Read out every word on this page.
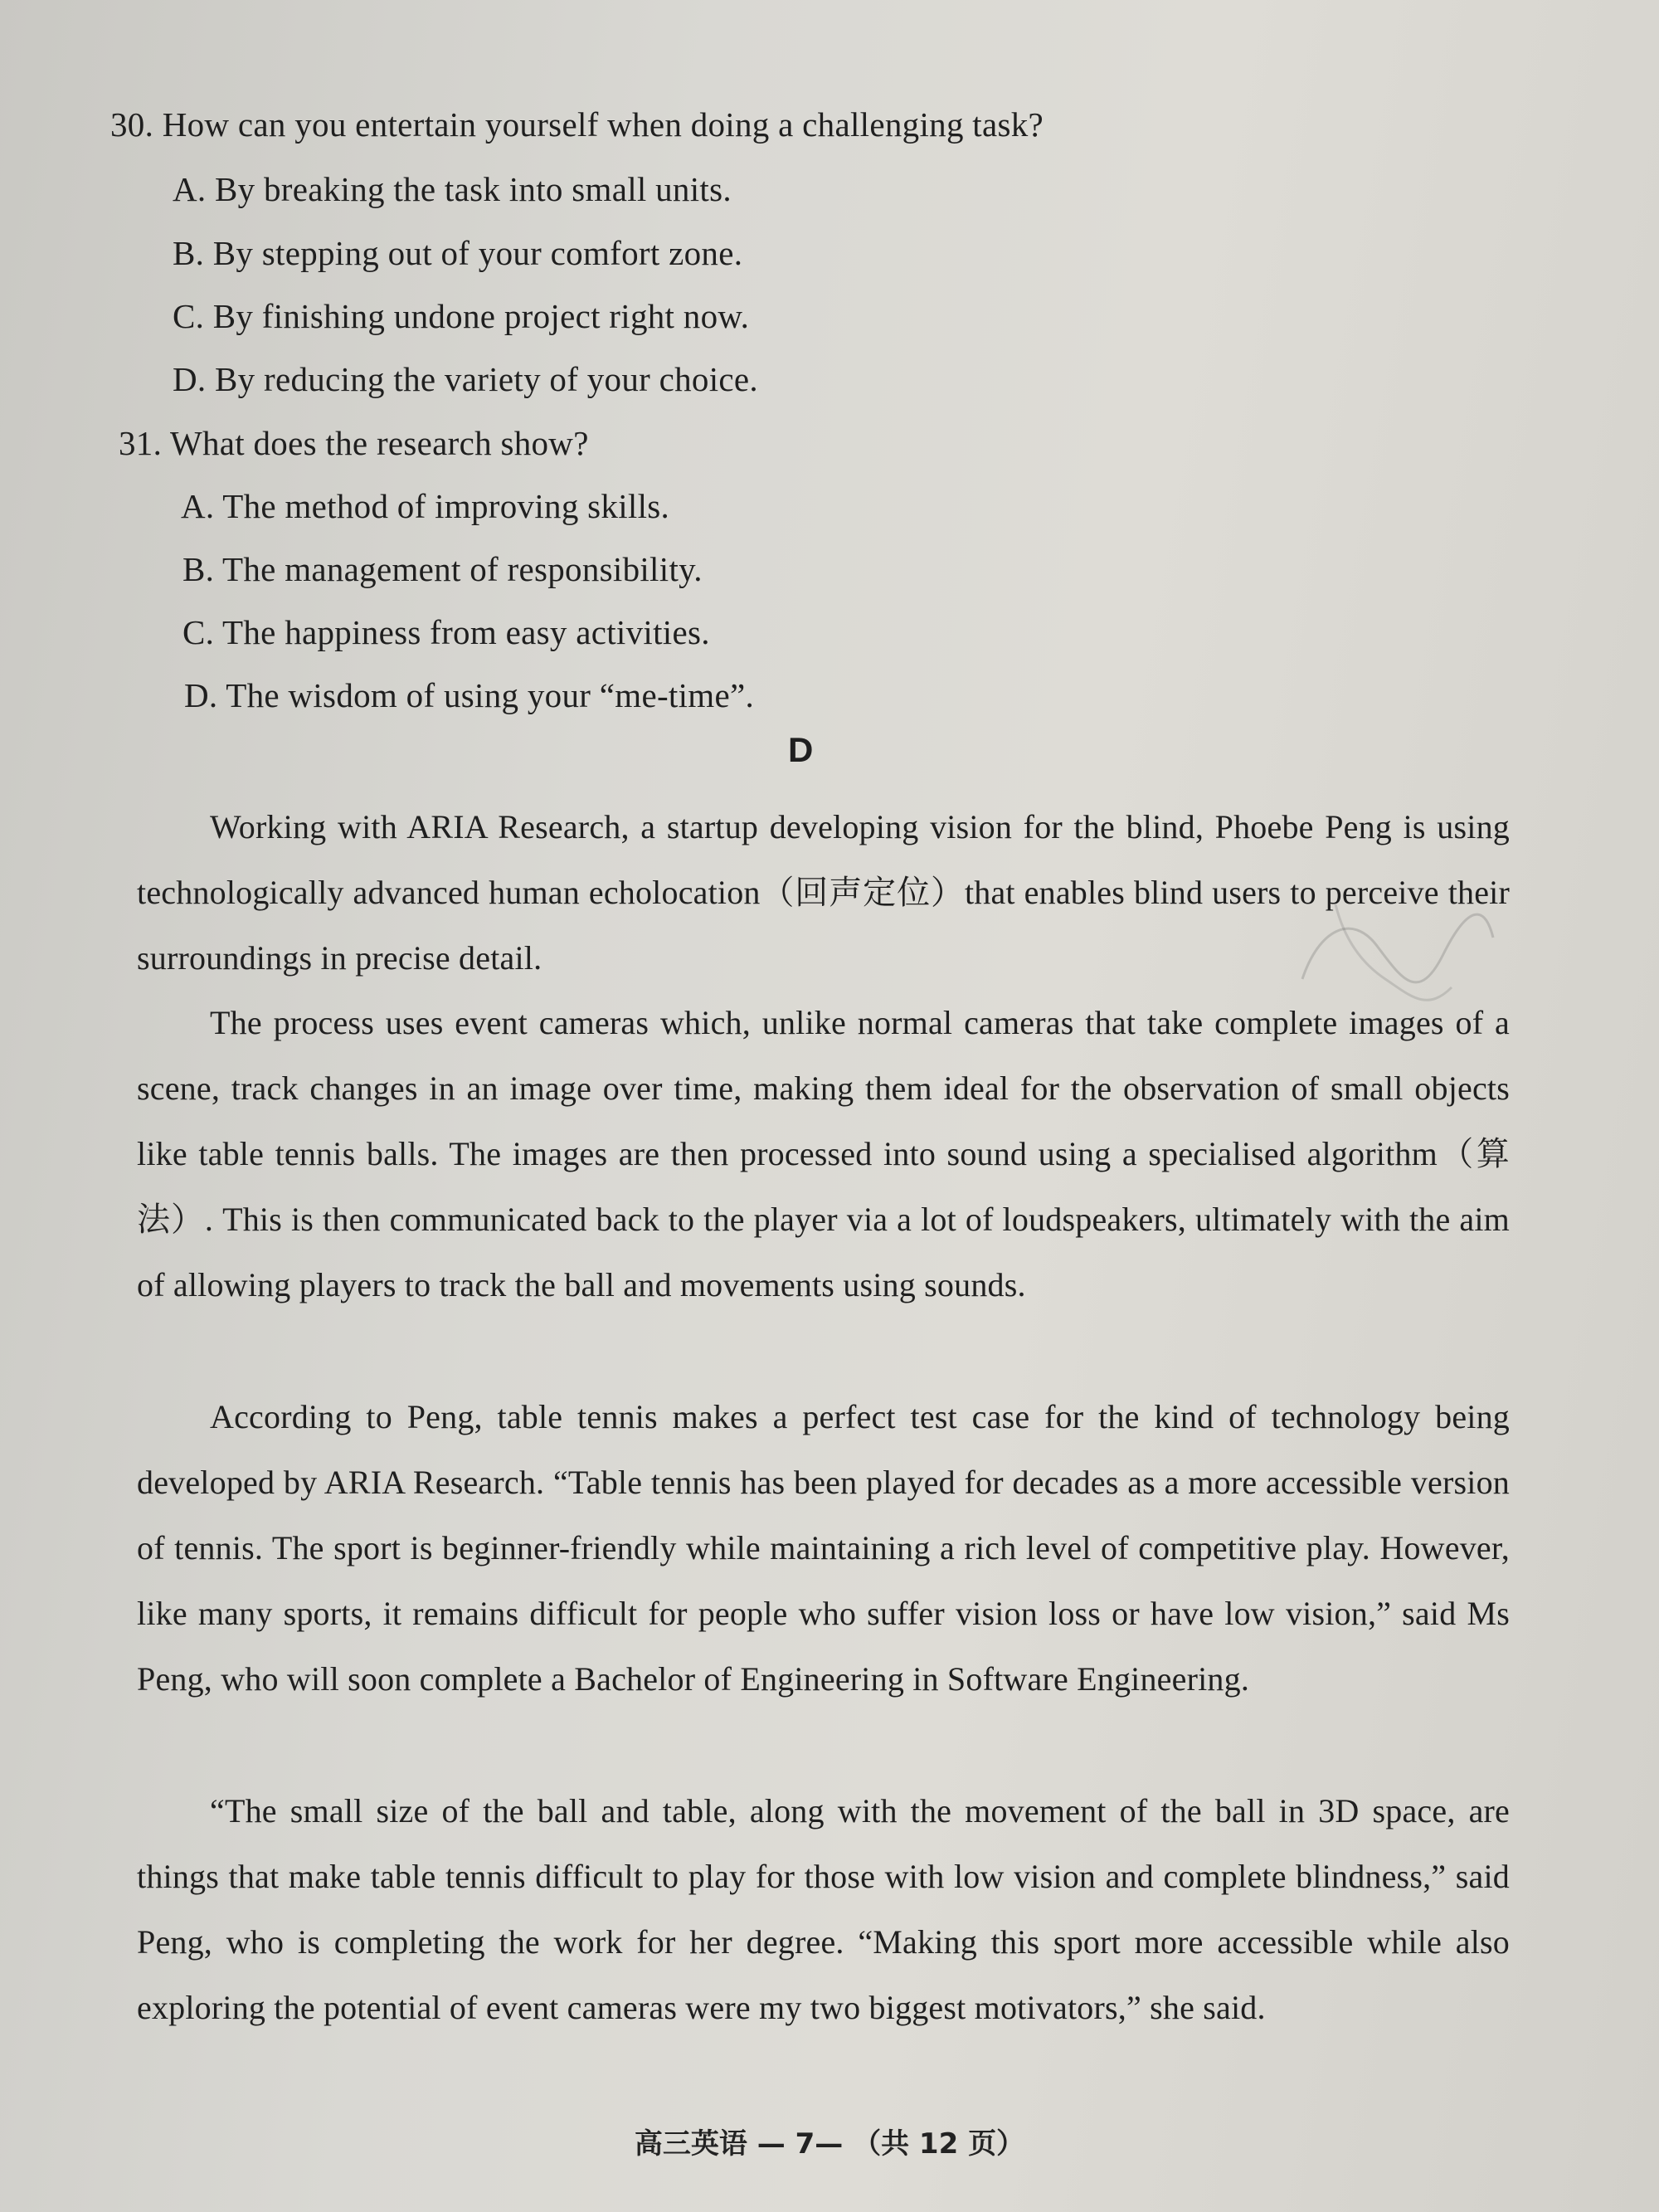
30. How can you entertain yourself when doing a challenging task?
A. By breaking the task into small units.
B. By stepping out of your comfort zone.
C. By finishing undone project right now.
D. By reducing the variety of your choice.
31. What does the research show?
A. The method of improving skills.
B. The management of responsibility.
C. The happiness from easy activities.
D. The wisdom of using your “me-time”.
D
Working with ARIA Research, a startup developing vision for the blind, Phoebe Peng is using technologically advanced human echolocation（回声定位）that enables blind users to perceive their surroundings in precise detail.
The process uses event cameras which, unlike normal cameras that take complete images of a scene, track changes in an image over time, making them ideal for the observation of small objects like table tennis balls. The images are then processed into sound using a specialised algorithm（算法）. This is then communicated back to the player via a lot of loudspeakers, ultimately with the aim of allowing players to track the ball and movements using sounds.
According to Peng, table tennis makes a perfect test case for the kind of technology being developed by ARIA Research. “Table tennis has been played for decades as a more accessible version of tennis. The sport is beginner-friendly while maintaining a rich level of competitive play. However, like many sports, it remains difficult for people who suffer vision loss or have low vision,” said Ms Peng, who will soon complete a Bachelor of Engineering in Software Engineering.
“The small size of the ball and table, along with the movement of the ball in 3D space, are things that make table tennis difficult to play for those with low vision and complete blindness,” said Peng, who is completing the work for her degree. “Making this sport more accessible while also exploring the potential of event cameras were my two biggest motivators,” she said.
高三英语 — 7— （共 12 页）
